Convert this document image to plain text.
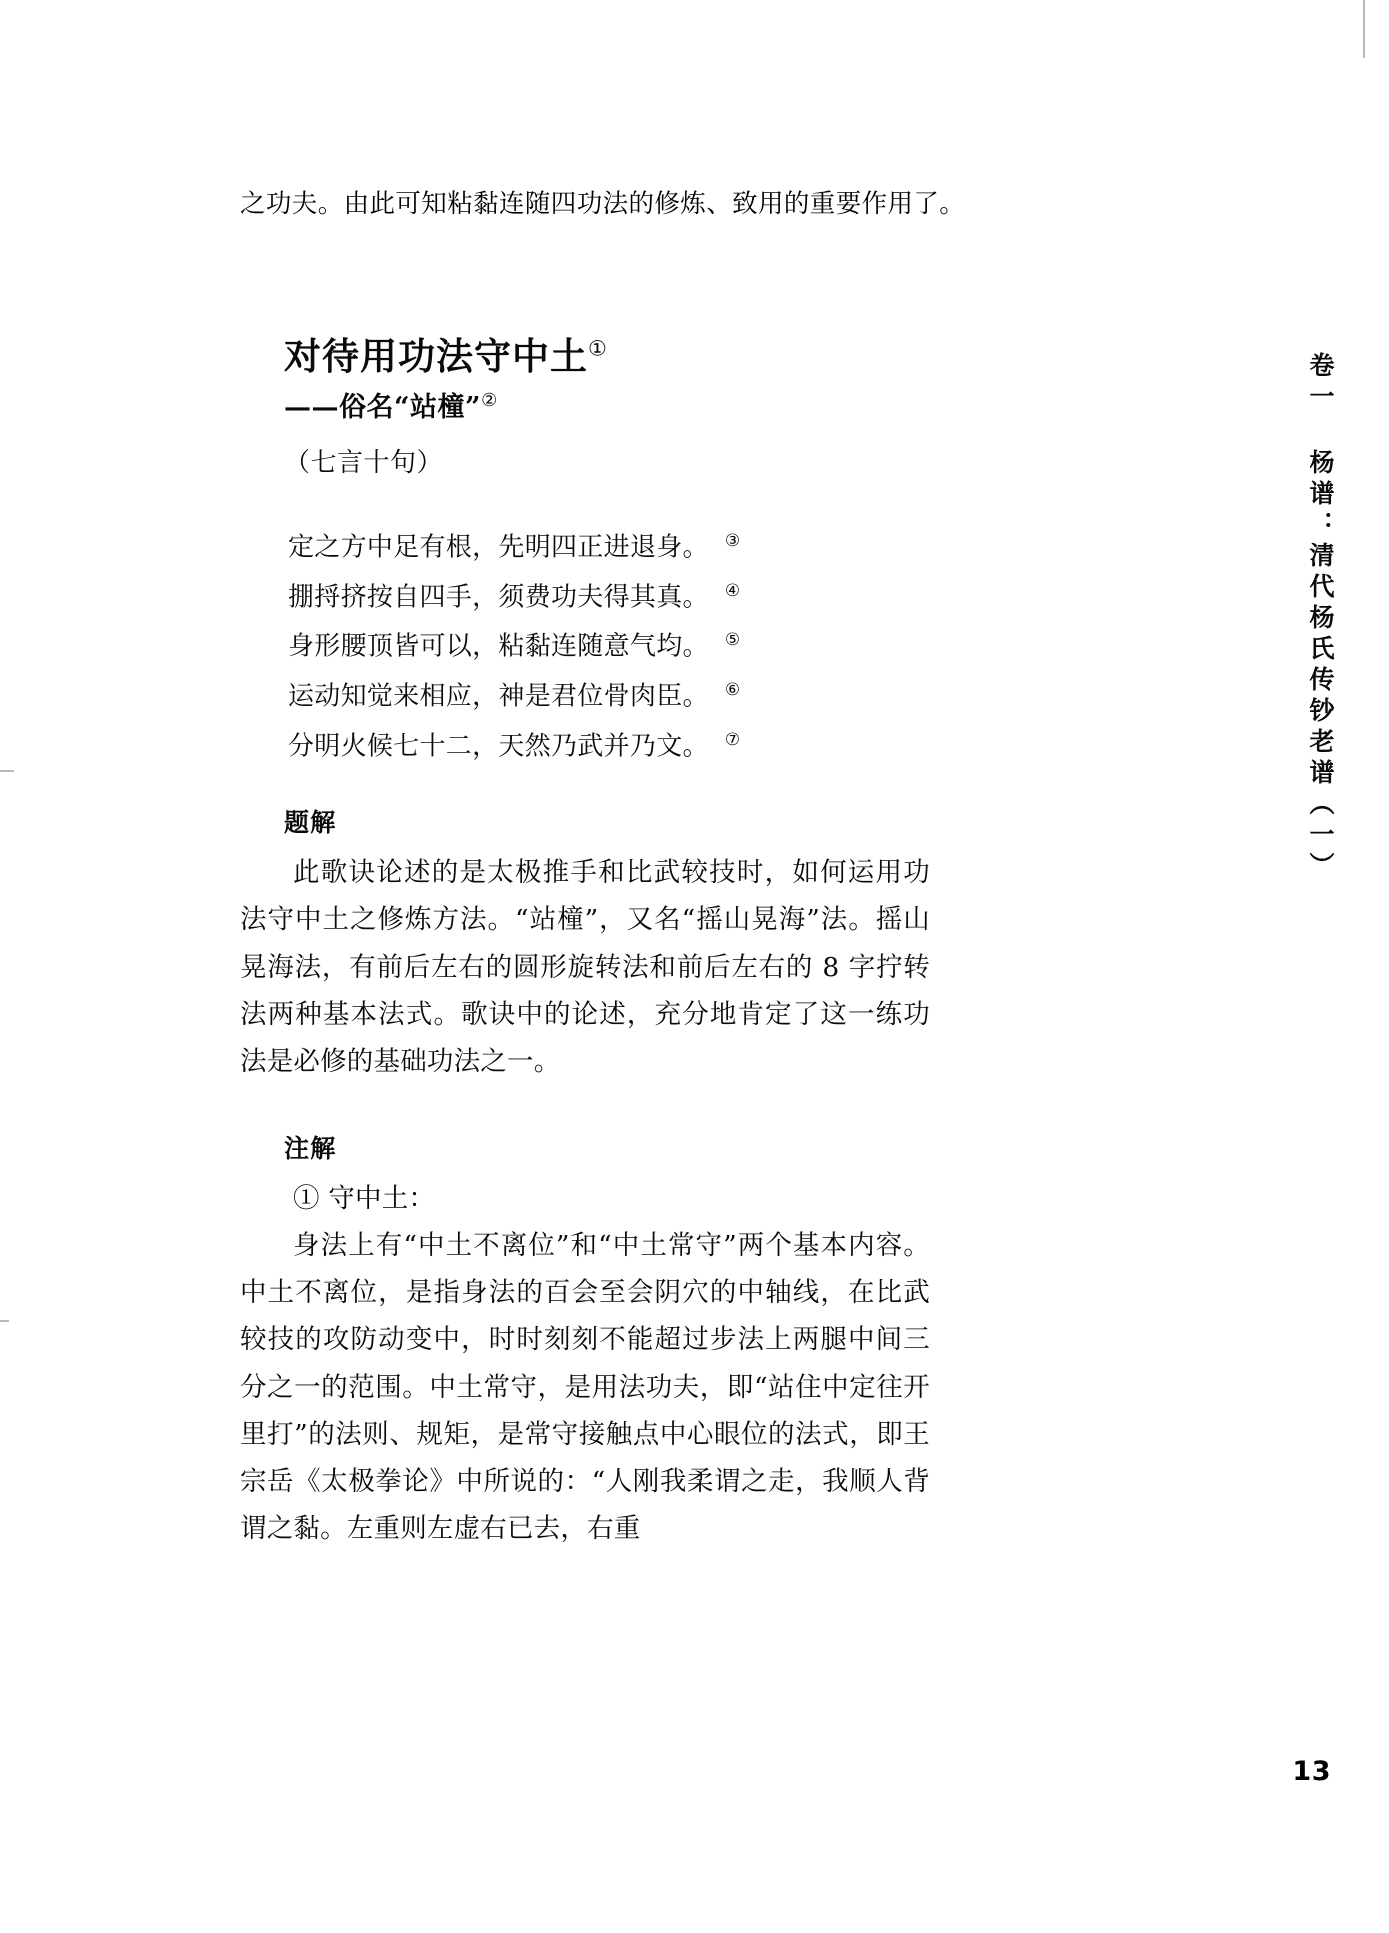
之功夫。由此可知粘黏连随四功法的修炼、致用的重要作用了。
对待用功法守中土①
——俗名“站橦”②
（七言十句）
定之方中足有根，先明四正进退身。 ③
掤捋挤按自四手，须费功夫得其真。 ④
身形腰顶皆可以，粘黏连随意气均。 ⑤
运动知觉来相应，神是君位骨肉臣。 ⑥
分明火候七十二，天然乃武并乃文。 ⑦
题解
此歌诀论述的是太极推手和比武较技时，如何运用功法守中土之修炼方法。“站橦”，又名“摇山晃海”法。摇山晃海法，有前后左右的圆形旋转法和前后左右的 8 字拧转法两种基本法式。歌诀中的论述，充分地肯定了这一练功法是必修的基础功法之一。
注解
① 守中土：
身法上有“中土不离位”和“中土常守”两个基本内容。中土不离位，是指身法的百会至会阴穴的中轴线，在比武较技的攻防动变中，时时刻刻不能超过步法上两腿中间三分之一的范围。中土常守，是用法功夫，即“站住中定往开里打”的法则、规矩，是常守接触点中心眼位的法式，即王宗岳《太极拳论》中所说的：“人刚我柔谓之走，我顺人背谓之黏。左重则左虚右已去，右重
卷一 杨谱：清代杨氏传钞老谱（一）
13
